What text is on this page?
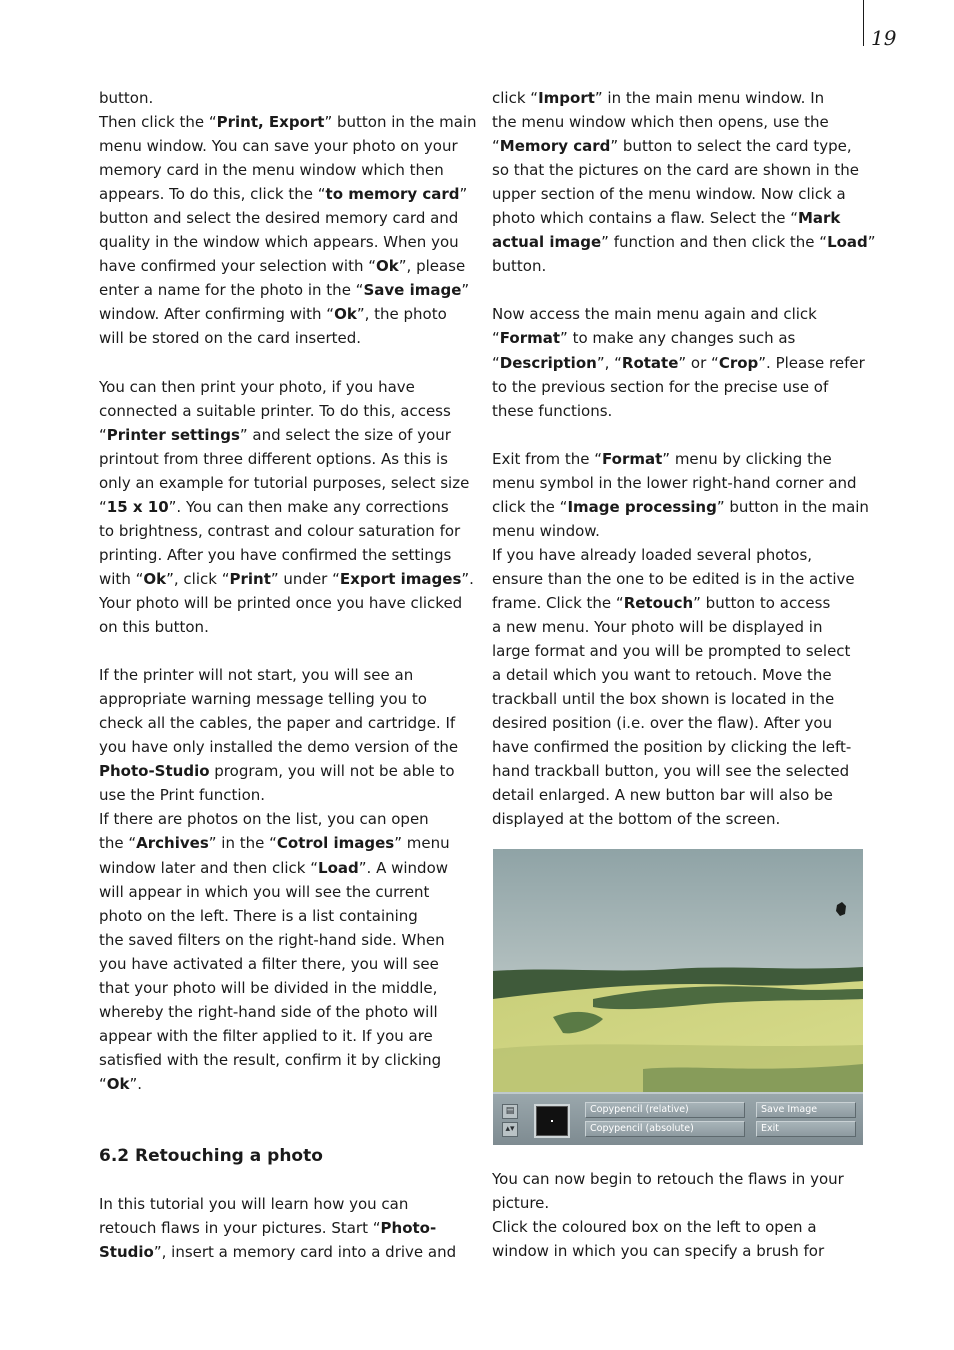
19
button.
Then click the “Print, Export” button in the main
menu window. You can save your photo on your
memory card in the menu window which then
appears. To do this, click the “to memory card”
button and select the desired memory card and
quality in the window which appears. When you
have confirmed your selection with “Ok”, please
enter a name for the photo in the “Save image”
window. After confirming with “Ok”, the photo
will be stored on the card inserted.
You can then print your photo, if you have
connected a suitable printer. To do this, access
“Printer settings” and select the size of your
printout from three different options. As this is
only an example for tutorial purposes, select size
“15 x 10”. You can then make any corrections
to brightness, contrast and colour saturation for
printing. After you have confirmed the settings
with “Ok”, click “Print” under “Export images”.
Your photo will be printed once you have clicked
on this button.
If the printer will not start, you will see an
appropriate warning message telling you to
check all the cables, the paper and cartridge. If
you have only installed the demo version of the
Photo-Studio program, you will not be able to
use the Print function.
If there are photos on the list, you can open
the “Archives” in the “Cotrol images” menu
window later and then click “Load”. A window
will appear in which you will see the current
photo on the left. There is a list containing
the saved filters on the right-hand side. When
you have activated a filter there, you will see
that your photo will be divided in the middle,
whereby the right-hand side of the photo will
appear with the filter applied to it. If you are
satisfied with the result, confirm it by clicking
“Ok”.
6.2 Retouching a photo
In this tutorial you will learn how you can
retouch flaws in your pictures. Start “Photo-
Studio”, insert a memory card into a drive and
click “Import” in the main menu window. In
the menu window which then opens, use the
“Memory card” button to select the card type,
so that the pictures on the card are shown in the
upper section of the menu window. Now click a
photo which contains a flaw. Select the “Mark
actual image” function and then click the “Load”
button.
Now access the main menu again and click
“Format” to make any changes such as
“Description”, “Rotate” or “Crop”. Please refer
to the previous section for the precise use of
these functions.
Exit from the “Format” menu by clicking the
menu symbol in the lower right-hand corner and
click the “Image processing” button in the main
menu window.
If you have already loaded several photos,
ensure than the one to be edited is in the active
frame. Click the “Retouch” button to access
a new menu. Your photo will be displayed in
large format and you will be prompted to select
a detail which you want to retouch. Move the
trackball until the box shown is located in the
desired position (i.e. over the flaw). After you
have confirmed the position by clicking the left-
hand trackball button, you will see the selected
detail enlarged. A new button bar will also be
displayed at the bottom of the screen.
▤
▴▾
Copypencil (relative)
Copypencil (absolute)
Save Image
Exit
You can now begin to retouch the flaws in your
picture.
Click the coloured box on the left to open a
window in which you can specify a brush for
